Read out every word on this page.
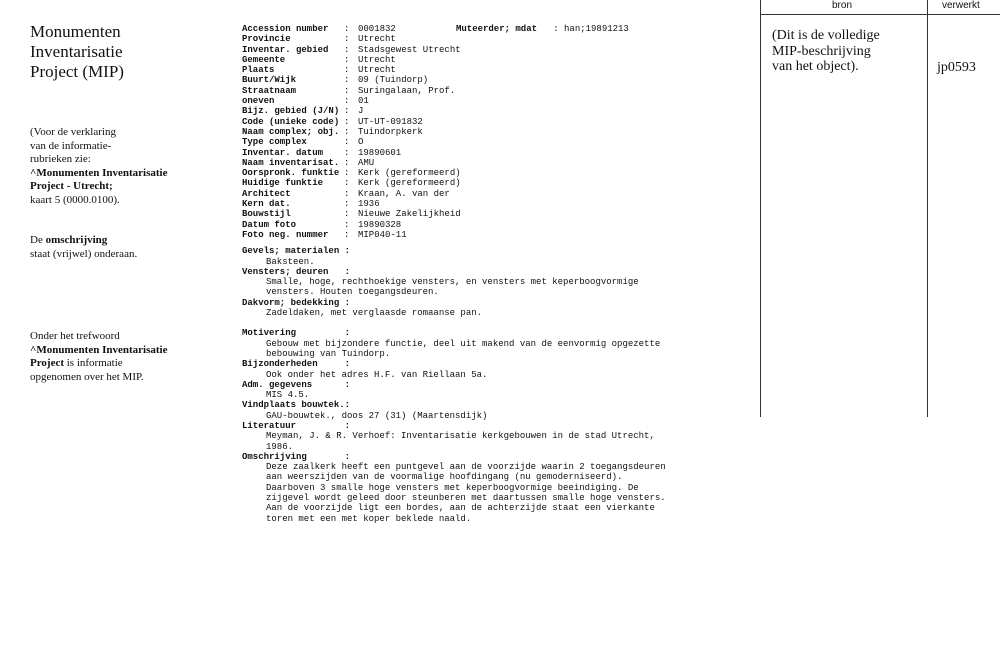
Monumenten
Inventarisatie
Project (MIP)
(Voor de verklaring
van de informatie-
rubrieken zie:
^Monumenten Inventarisatie
Project - Utrecht;
kaart 5 (0000.0100).
De omschrijving
staat (vrijwel) onderaan.
Onder het trefwoord
^Monumenten Inventarisatie
Project is informatie
opgenomen over het MIP.
Muteerder; mdat : han;19891213
Accession number	: 0001832
Provincie	: Utrecht
Inventar. gebied	: Stadsgewest Utrecht
Gemeente	: Utrecht
Plaats	: Utrecht
Buurt/Wijk	: 09 (Tuindorp)
Straatnaam	: Suringalaan, Prof.
oneven	: 01
Bijz. gebied (J/N) : J
Code (unieke code) : UT-UT-091832
Naam complex; obj. : Tuindorpkerk
Type complex	: O
Inventar. datum	: 19890601
Naam inventarisat. : AMU
Oorspronk. funktie : Kerk (gereformeerd)
Huidige funktie	: Kerk (gereformeerd)
Architect	: Kraan, A. van der
Kern dat.	: 1936
Bouwstijl	: Nieuwe Zakelijkheid
Datum foto	: 19890328
Foto neg. nummer	: MIP040-11
Gevels; materialen :
Baksteen.
Vensters; deuren   :
Smalle, hoge, rechthoekige vensters, en vensters met keperboogvormige
vensters. Houten toegangsdeuren.
Dakvorm; bedekking :
Zadeldaken, met verglaasde romaanse pan.
Motivering         :
Gebouw met bijzondere functie, deel uit makend van de eenvormig opgezette
bebouwing van Tuindorp.
Bijzonderheden     :
Ook onder het adres H.F. van Riellaan 5a.
Adm. gegevens      :
MIS 4.5.
Vindplaats bouwtek.:
GAU-bouwtek., doos 27 (31) (Maartensdijk)
Literatuur         :
Meyman, J. & R. Verhoef: Inventarisatie kerkgebouwen in de stad Utrecht,
1986.
Omschrijving       :
Deze zaalkerk heeft een puntgevel aan de voorzijde waarin 2 toegangsdeuren
aan weerszijden van de voormalige hoofdingang (nu gemoderniseerd).
Daarboven 3 smalle hoge vensters met keperboogvormige beeindiging. De
zijgevel wordt geleed door steunberen met daartussen smalle hoge vensters.
Aan de voorzijde ligt een bordes, aan de achterzijde staat een vierkante
toren met een met koper beklede naald.
bron	verwerkt
(Dit is de volledige
MIP-beschrijving
van het object).	jp0593
